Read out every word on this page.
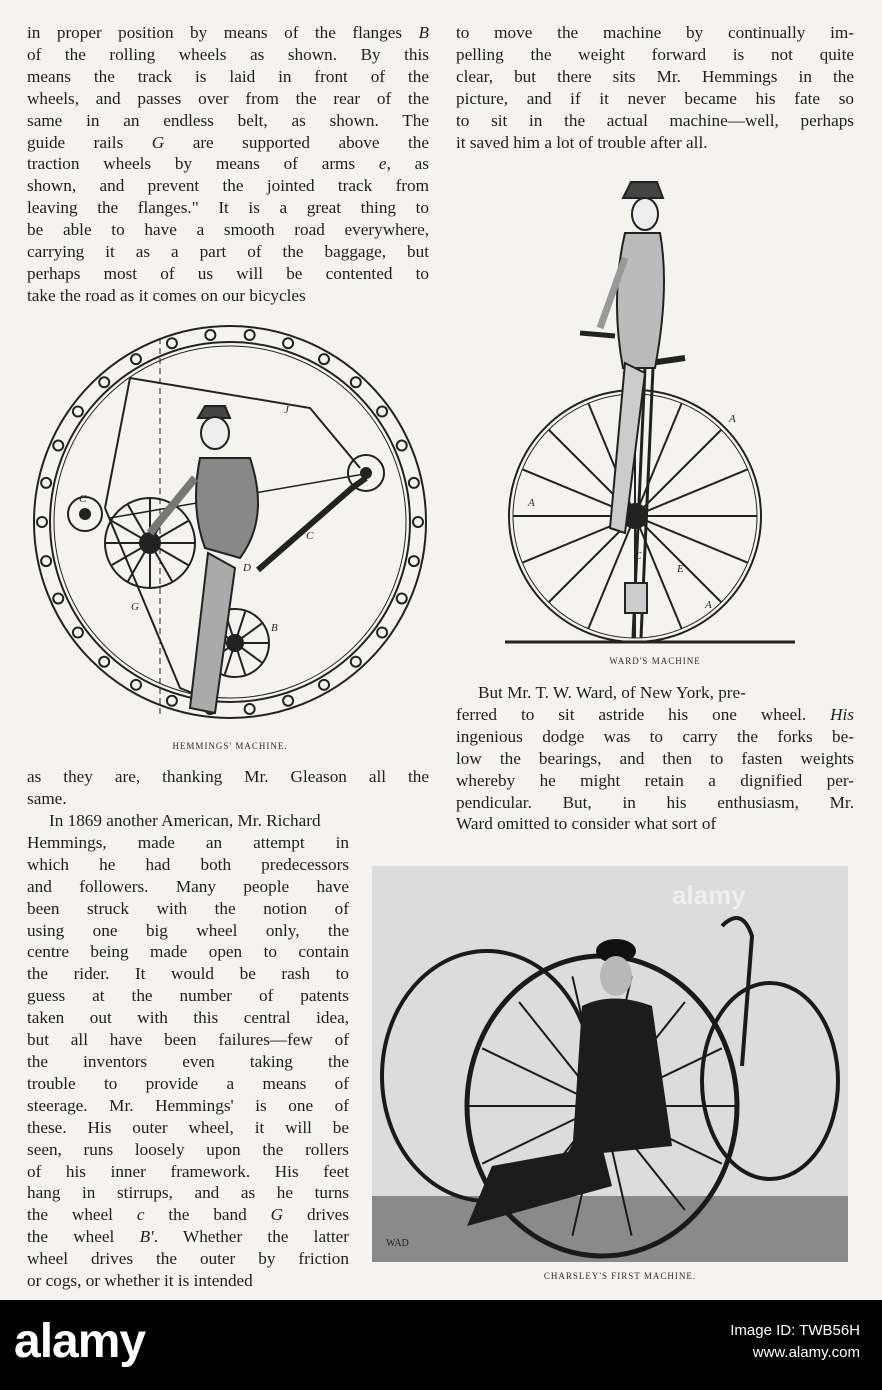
in proper position by means of the flanges B
of the rolling wheels as shown. By this
means the track is laid in front of the
wheels, and passes over from the rear of the
same in an endless belt, as shown. The
guide rails G are supported above the
traction wheels by means of arms e, as
shown, and prevent the jointed track from
leaving the flanges." It is a great thing to
be able to have a smooth road everywhere,
carrying it as a part of the baggage, but
perhaps most of us will be contented to
take the road as it comes on our bicycles
C
G
B
D
C
J
HEMMINGS' MACHINE.
as they are, thanking Mr. Gleason all the
same.

In 1869 another American, Mr. Richard

Hemmings, made an attempt in
which he had both predecessors
and followers. Many people have
been struck with the notion of
using one big wheel only, the
centre being made open to contain
the rider. It would be rash to
guess at the number of patents
taken out with this central idea,
but all have been failures—few of
the inventors even taking the
trouble to provide a means of
steerage. Mr. Hemmings' is one of
these. His outer wheel, it will be
seen, runs loosely upon the rollers
of his inner framework. His feet
hang in stirrups, and as he turns
the wheel c the band G drives
the wheel B'. Whether the latter
wheel drives the outer by friction
or cogs, or whether it is intended
to move the machine by continually im-
pelling the weight forward is not quite
clear, but there sits Mr. Hemmings in the
picture, and if it never became his fate so
to sit in the actual machine—well, perhaps
it saved him a lot of trouble after all.
A
A
A
C
E
WARD'S MACHINE

But Mr. T. W. Ward, of New York, pre-

ferred to sit astride his one wheel. His
ingenious dodge was to carry the forks be-
low the bearings, and then to fasten weights
whereby he might retain a dignified per-
pendicular. But, in his enthusiasm, Mr.
Ward omitted to consider what sort of
WAD
alamy
CHARSLEY'S FIRST MACHINE.
alamy	Image ID: TWB56H
www.alamy.com
